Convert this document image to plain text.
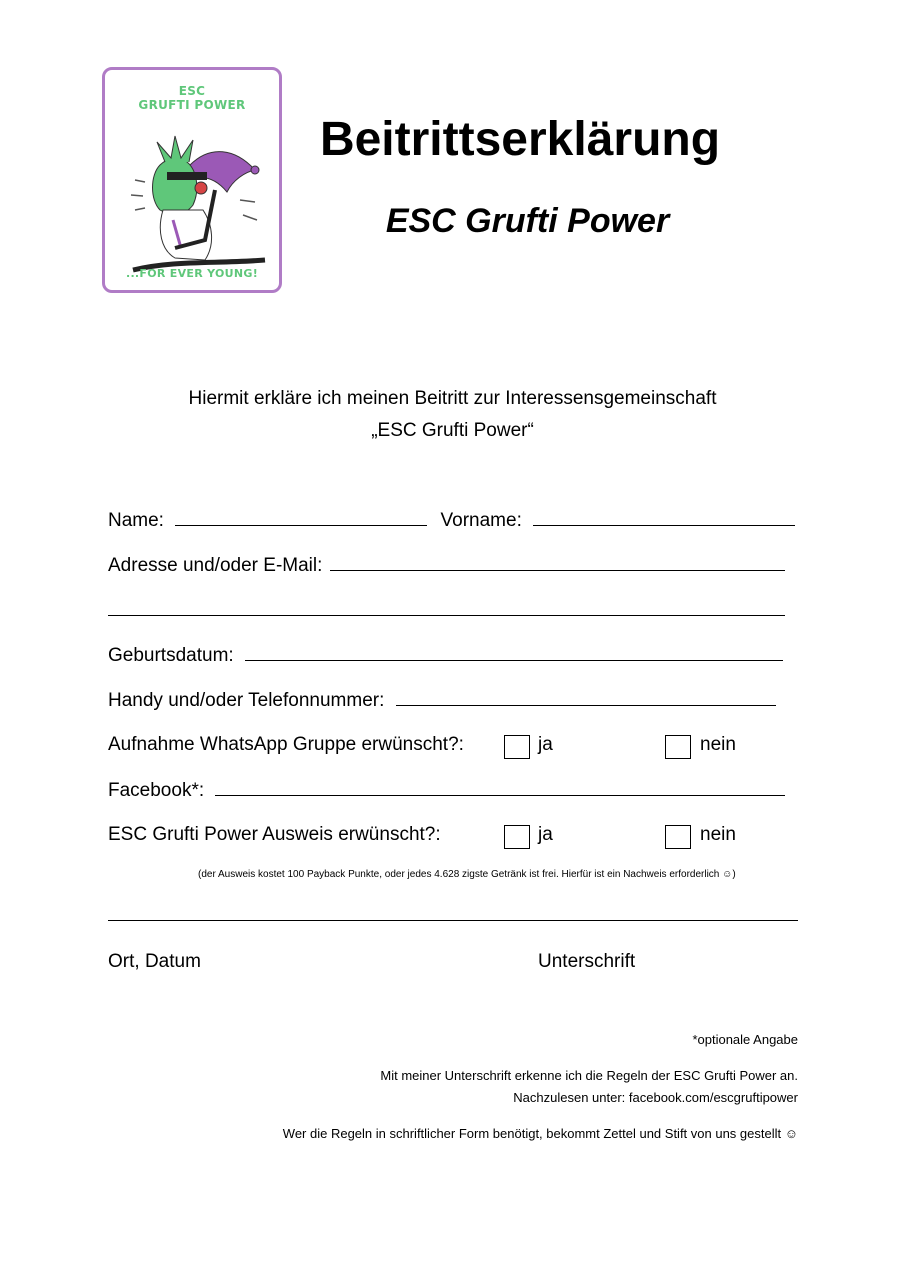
ESC
GRUFTI POWER
...FOR EVER YOUNG!
Beitrittserklärung
ESC Grufti Power
Hiermit erkläre ich meinen Beitritt zur Interessensgemeinschaft
„ESC Grufti Power“
Name:	Vorname:
Adresse und/oder E-Mail:
Geburtsdatum:
Handy und/oder Telefonnummer:
Aufnahme WhatsApp Gruppe erwünscht?:	ja	nein
Facebook*:
ESC Grufti Power Ausweis erwünscht?:	ja	nein
(der Ausweis kostet 100 Payback Punkte, oder jedes 4.628 zigste Getränk ist frei. Hierfür ist ein Nachweis erforderlich ☺)
Ort, Datum	Unterschrift
*optionale Angabe
Mit meiner Unterschrift erkenne ich die Regeln der ESC Grufti Power an.
Nachzulesen unter: facebook.com/escgruftipower
Wer die Regeln in schriftlicher Form benötigt, bekommt Zettel und Stift von uns gestellt ☺
